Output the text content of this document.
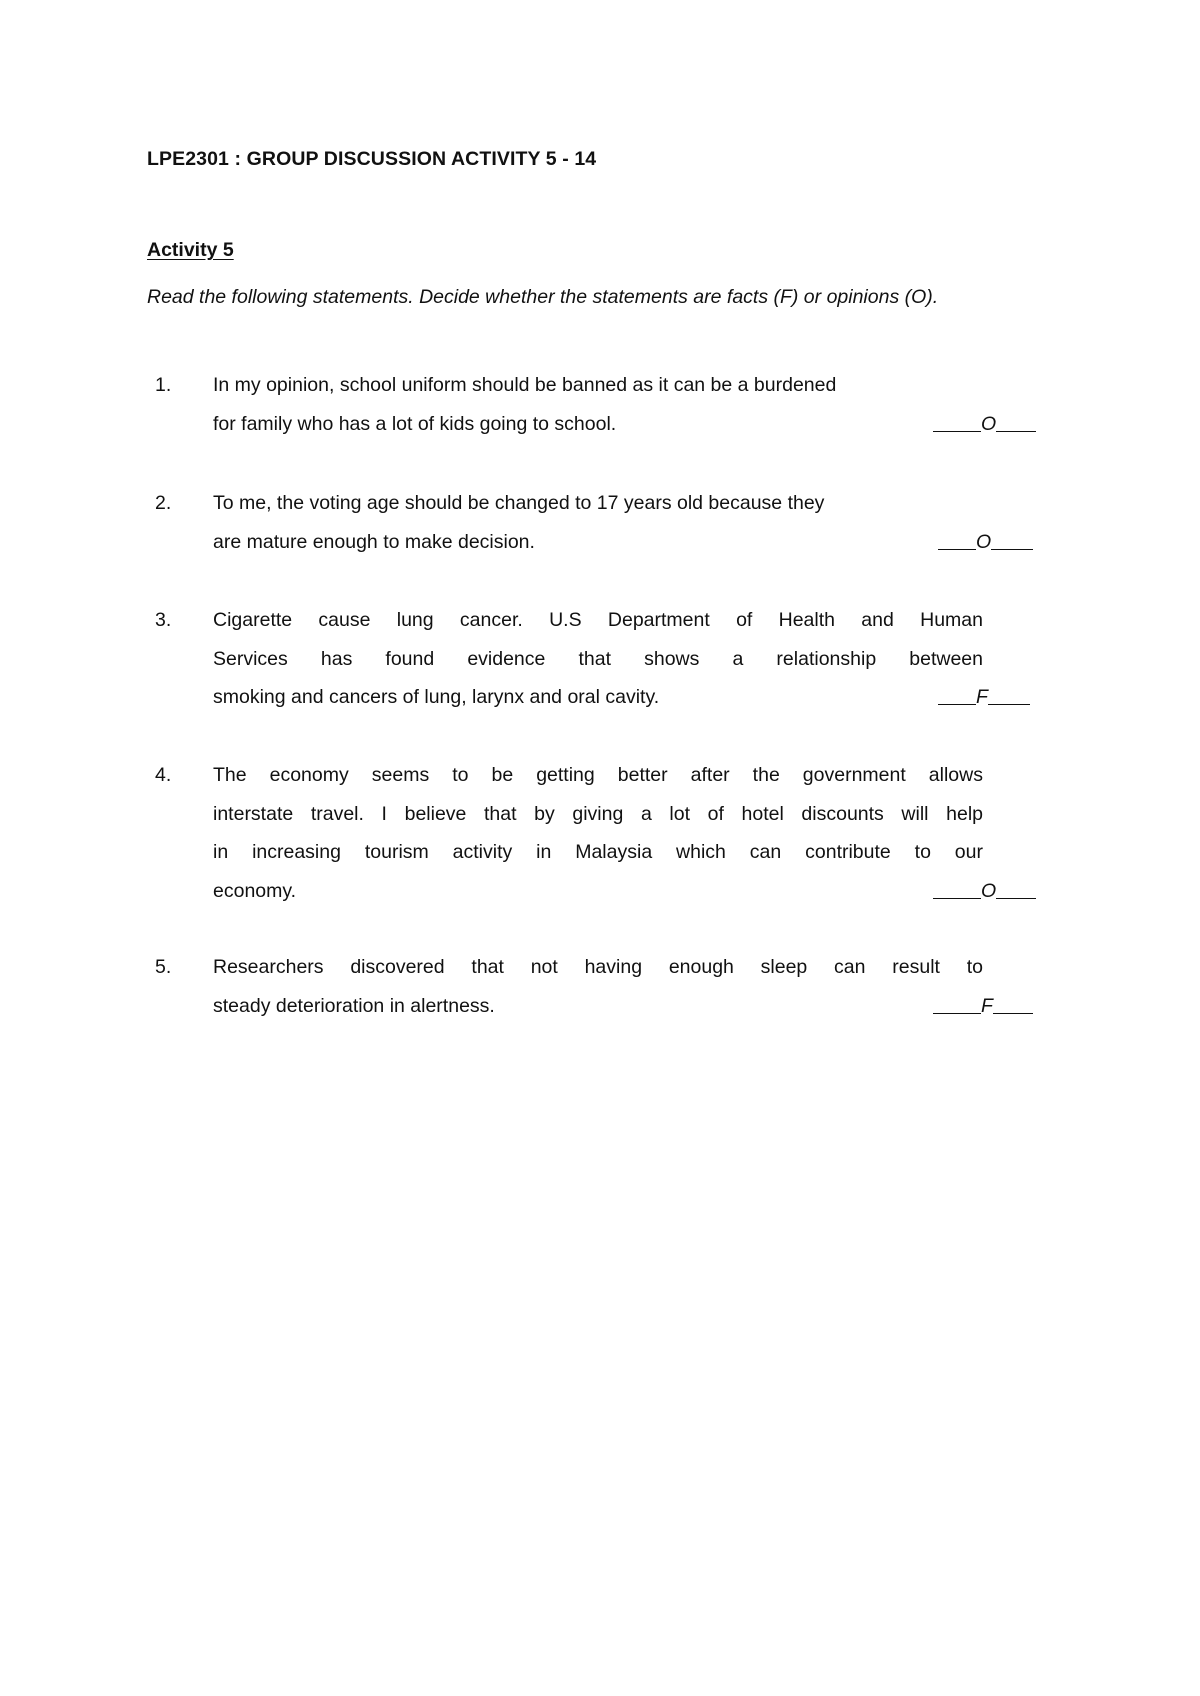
LPE2301 : GROUP DISCUSSION ACTIVITY 5 - 14
Activity 5
Read the following statements. Decide whether the statements are facts (F) or opinions (O).
1. In my opinion, school uniform should be banned as it can be a burdened
for family who has a lot of kids going to school.	O
2. To me, the voting age should be changed to 17 years old because they
are mature enough to make decision.	O
3. Cigarette cause lung cancer. U.S Department of Health and Human
Services has found evidence that shows a relationship between
smoking and cancers of lung, larynx and oral cavity.	F
4. The economy seems to be getting better after the government allows
interstate travel. I believe that by giving a lot of hotel discounts will help
in increasing tourism activity in Malaysia which can contribute to our
economy.	O
5. Researchers discovered that not having enough sleep can result to
steady deterioration in alertness.	F
